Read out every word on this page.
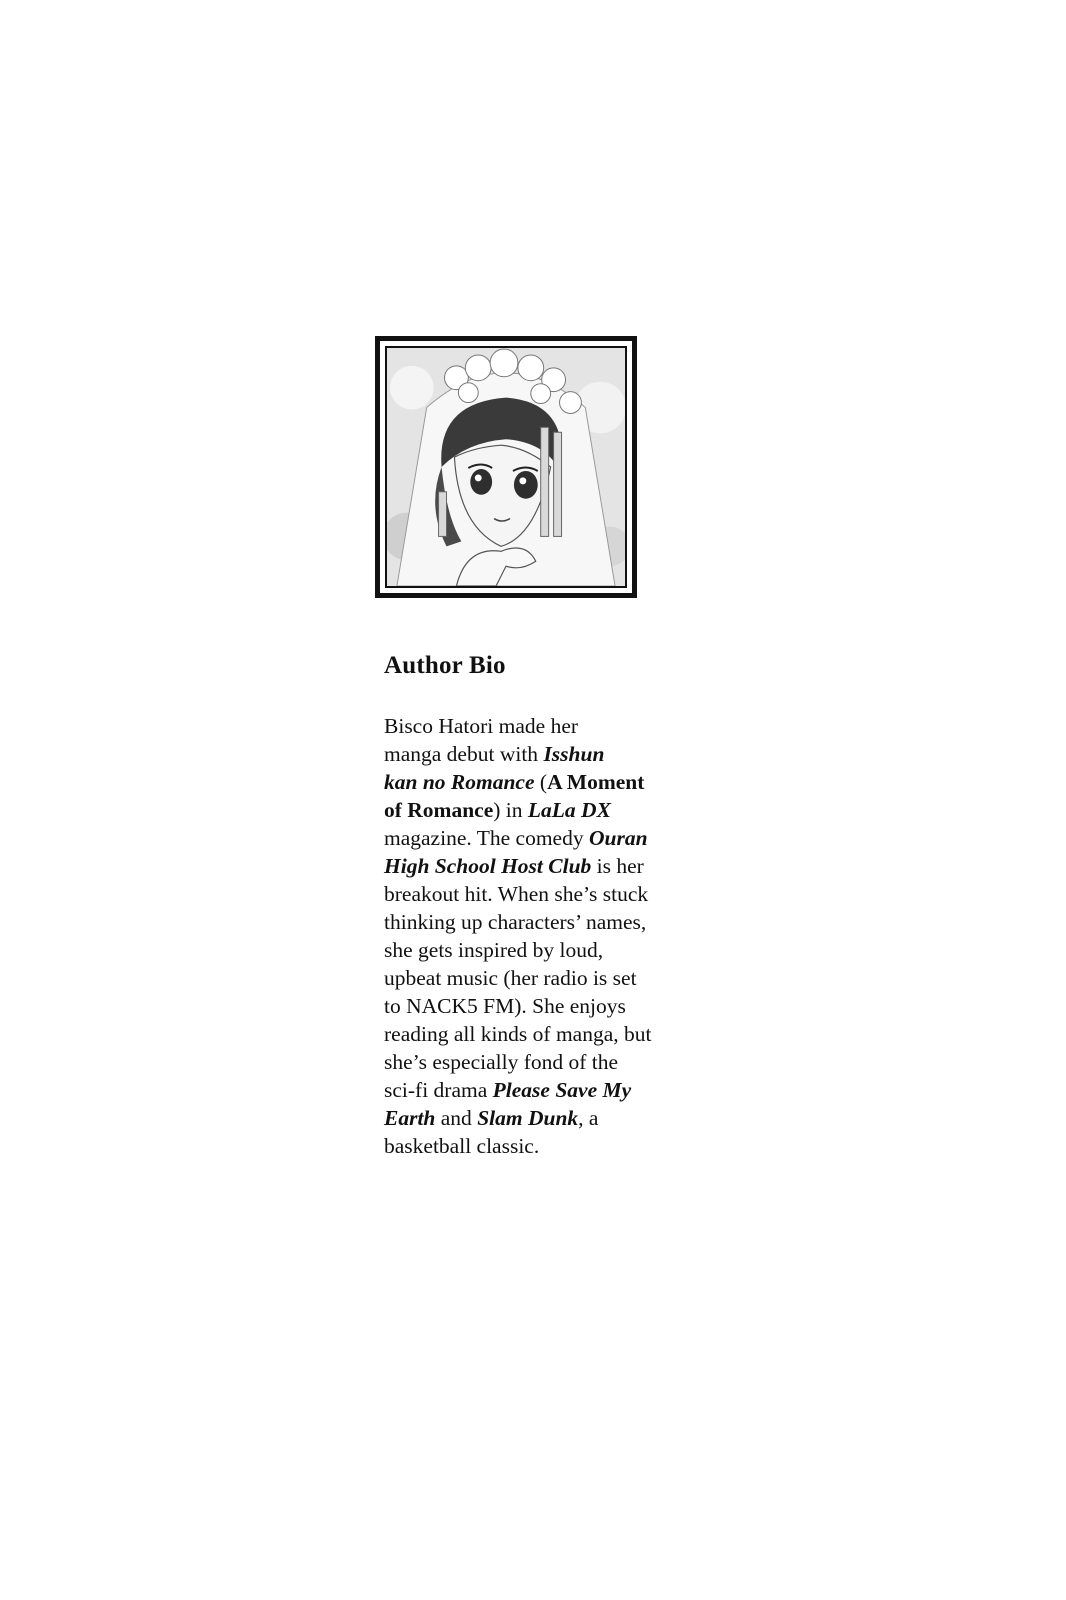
Author Bio

Bisco Hatori made her
manga debut with Isshun
kan no Romance (A Moment
of Romance) in LaLa DX
magazine. The comedy Ouran
High School Host Club is her
breakout hit. When she’s stuck
thinking up characters’ names,
she gets inspired by loud,
upbeat music (her radio is set
to NACK5 FM). She enjoys
reading all kinds of manga, but
she’s especially fond of the
sci-fi drama Please Save My
Earth and Slam Dunk, a
basketball classic.
